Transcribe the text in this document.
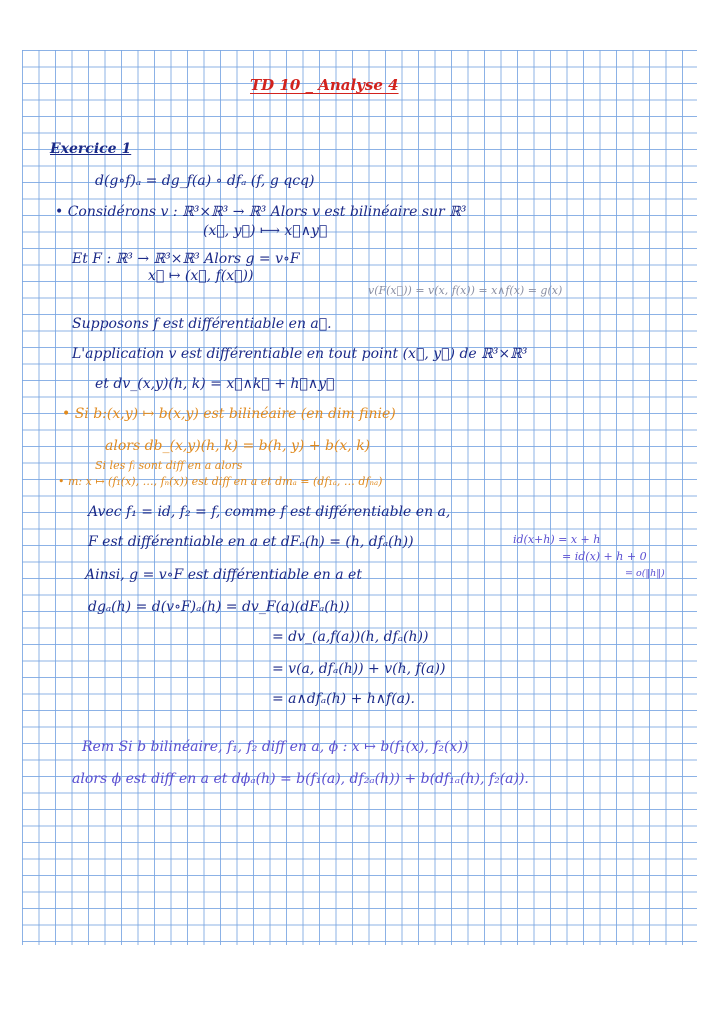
TD 10 _ Analyse 4
Exercice 1
d(g∘f)ₐ = dg_f(a) ∘ dfₐ (f, g qcq)
• Considérons v : ℝ³×ℝ³ → ℝ³ Alors v est bilinéaire sur ℝ³
(x⃗, y⃗) ⟼ x⃗∧y⃗
Et F : ℝ³ → ℝ³×ℝ³ Alors g = v∘F
x⃗ ↦ (x⃗, f(x⃗))
v(F(x⃗)) = v(x, f(x)) = x∧f(x) = g(x)
Supposons f est différentiable en a⃗.
L'application v est différentiable en tout point (x⃗, y⃗) de ℝ³×ℝ³
et dv_(x,y)(h, k) = x⃗∧k⃗ + h⃗∧y⃗
• Si b:(x,y) ↦ b(x,y) est bilinéaire (en dim finie)
alors db_(x,y)(h, k) = b(h, y) + b(x, k)
Si les fᵢ sont diff en a alors
• m: x ↦ (f₁(x), …, fₙ(x)) est diff en a et dmₐ = (df₁ₐ, … dfₙₐ)
Avec f₁ = id, f₂ = f, comme f est différentiable en a,
F est différentiable en a et dFₐ(h) = (h, dfₐ(h))	id(x+h) = x + h
= id(x) + h + 0
= o(‖h‖)
Ainsi, g = v∘F est différentiable en a et
dgₐ(h) = d(v∘F)ₐ(h) = dv_F(a)(dFₐ(h))
= dv_(a,f(a))(h, dfₐ(h))
= v(a, dfₐ(h)) + v(h, f(a))
= a∧dfₐ(h) + h∧f(a).
Rem Si b bilinéaire, f₁, f₂ diff en a, ϕ : x ↦ b(f₁(x), f₂(x))
alors ϕ est diff en a et dϕₐ(h) = b(f₁(a), df₂ₐ(h)) + b(df₁ₐ(h), f₂(a)).
